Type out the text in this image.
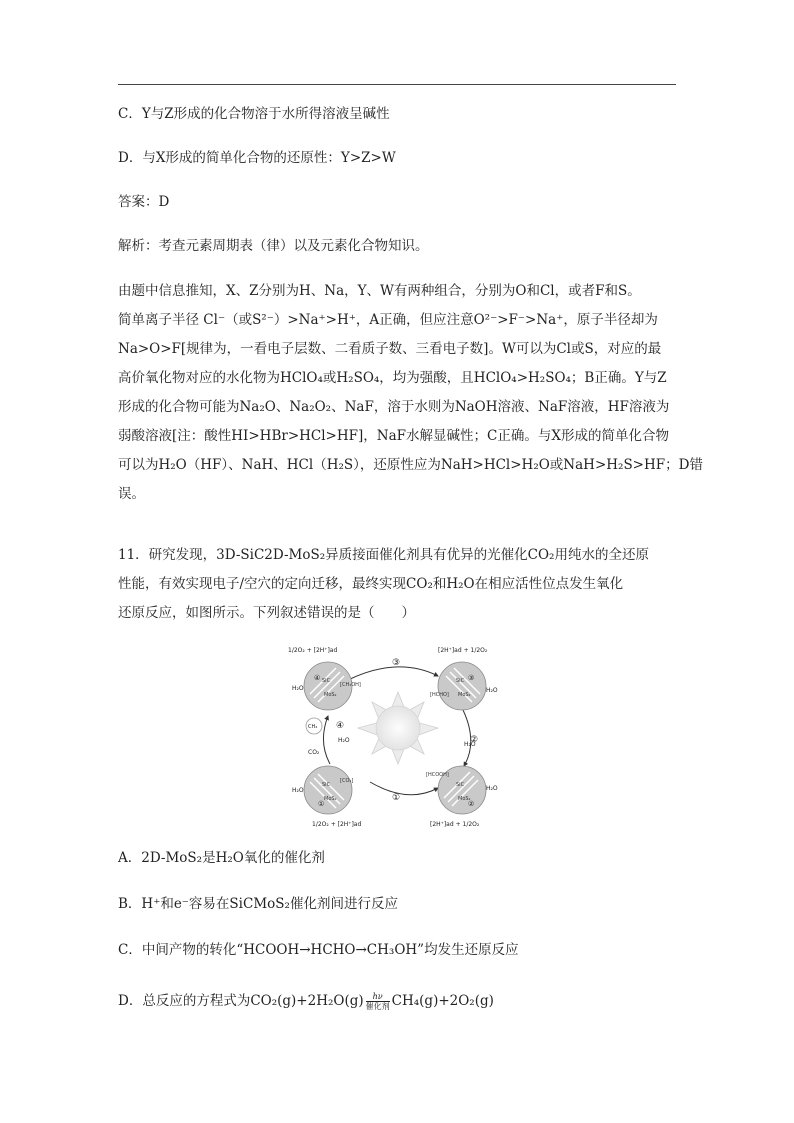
C．Y与Z形成的化合物溶于水所得溶液呈碱性
D．与X形成的简单化合物的还原性：Y>Z>W
答案：D
解析：考查元素周期表（律）以及元素化合物知识。
由题中信息推知，X、Z分别为H、Na，Y、W有两种组合，分别为O和Cl，或者F和S。
简单离子半径 Cl⁻（或S²⁻）>Na⁺>H⁺，A正确，但应注意O²⁻>F⁻>Na⁺，原子半径却为
Na>O>F[规律为，一看电子层数、二看质子数、三看电子数]。W可以为Cl或S，对应的最
高价氧化物对应的水化物为HClO₄或H₂SO₄，均为强酸，且HClO₄>H₂SO₄；B正确。Y与Z
形成的化合物可能为Na₂O、Na₂O₂、NaF，溶于水则为NaOH溶液、NaF溶液，HF溶液为
弱酸溶液[注：酸性HI>HBr>HCl>HF]，NaF水解显碱性；C正确。与X形成的简单化合物
可以为H₂O（HF）、NaH、HCl（H₂S），还原性应为NaH>HCl>H₂O或NaH>H₂S>HF；D错
误。
11．研究发现，3D-SiC2D-MoS₂异质接面催化剂具有优异的光催化CO₂用纯水的全还原
性能，有效实现电子/空穴的定向迁移，最终实现CO₂和H₂O在相应活性位点发生氧化
还原反应，如图所示。下列叙述错误的是（　　）
SiC
MoS₂
SiC
MoS₂
SiC
MoS₂
SiC
MoS₂
[CH₃OH]
[HCHO]
[CO₂]
[HCOOH]
1/2O₂ + [2H⁺]ad	[2H⁺]ad + 1/2O₂
1/2O₂ + [2H⁺]ad	[2H⁺]ad + 1/2O₂
H₂O	H₂O
H₂O
H₂O
H₂O	H₂O
CO₂
CH₄
③
②
①
④
④	③
①	②
A．2D-MoS₂是H₂O氧化的催化剂
B．H⁺和e⁻容易在SiCMoS₂催化剂间进行反应
C．中间产物的转化“HCOOH→HCHO→CH₃OH”均发生还原反应
D．总反应的方程式为CO₂(g)+2H₂O(g)	hν
催化剂 CH₄(g)+2O₂(g)
